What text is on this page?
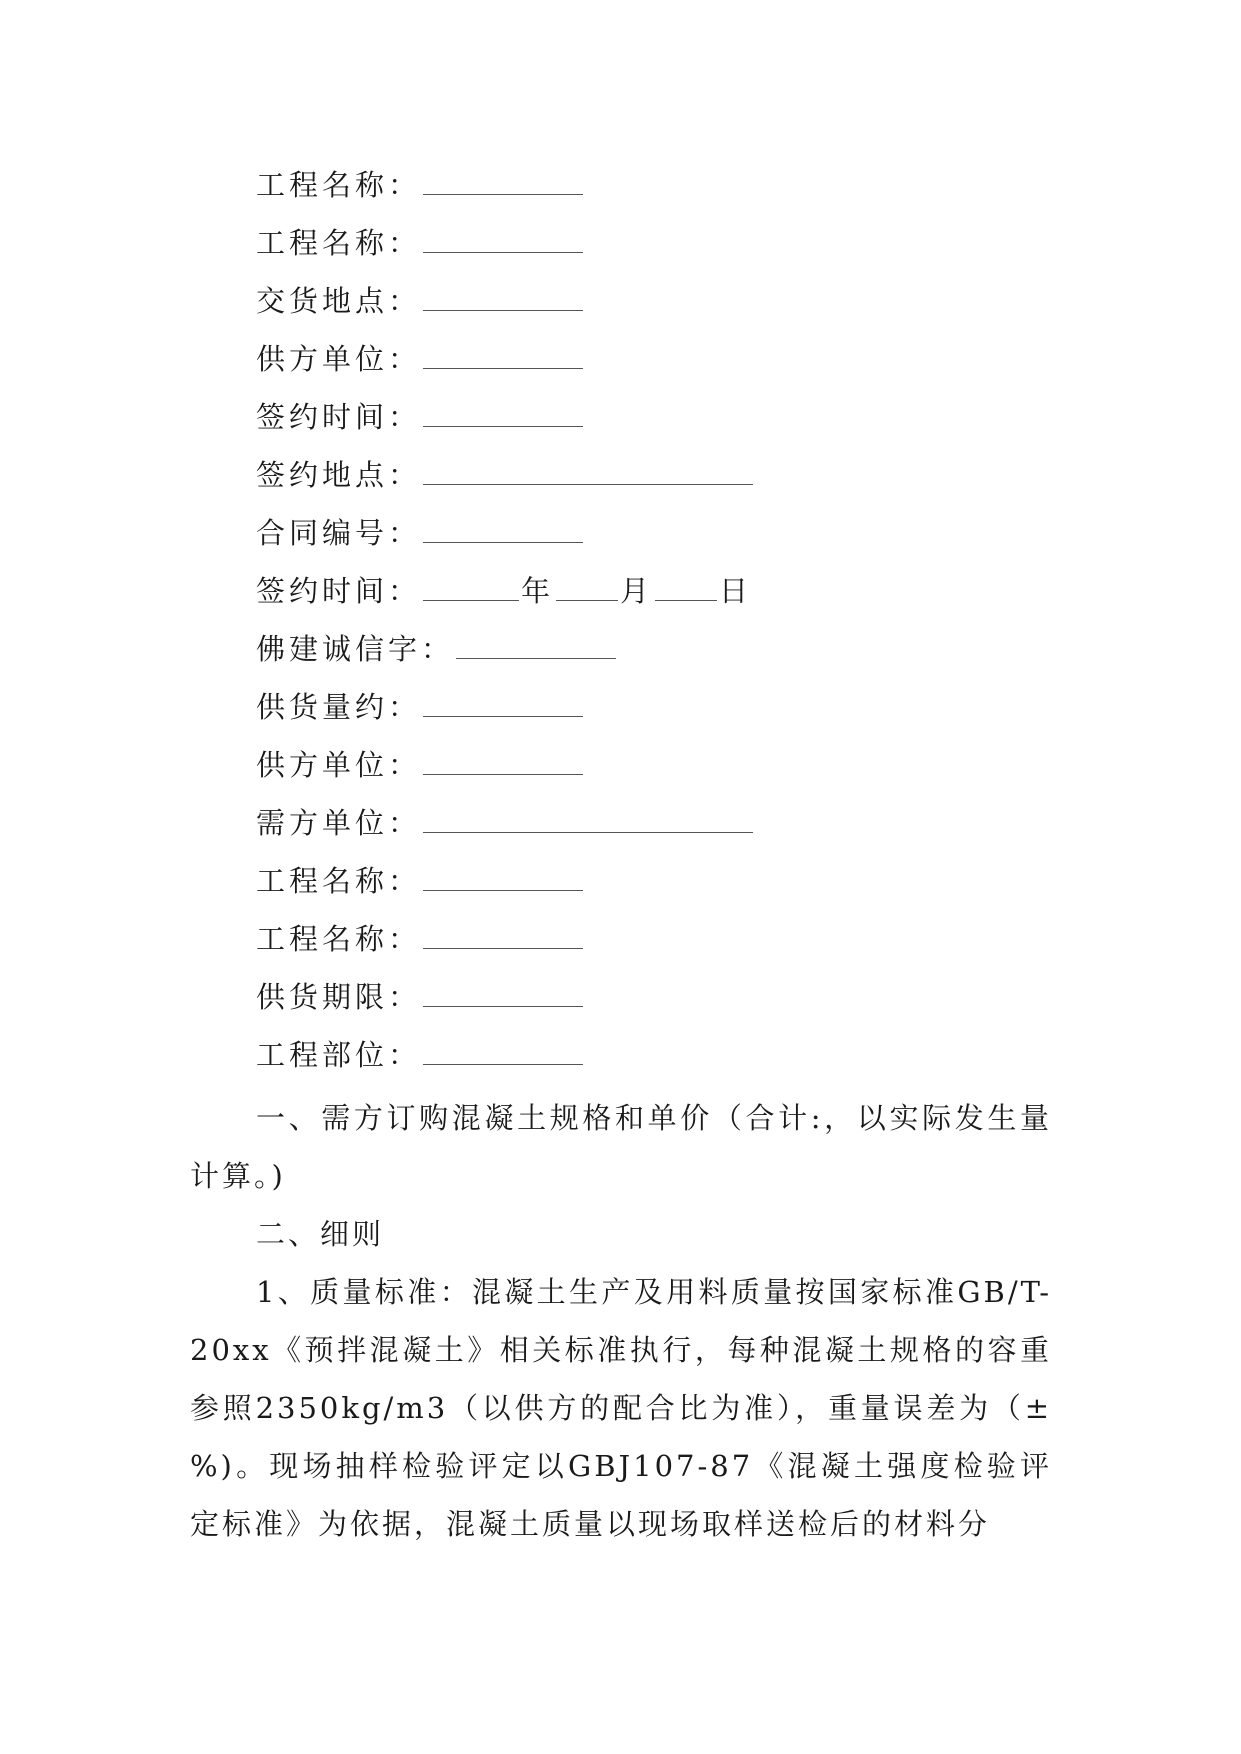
工程名称：
工程名称：
交货地点：
供方单位：
签约时间：
签约地点：
合同编号：
签约时间：	年 月 日
佛建诚信字：
供货量约：
供方单位：
需方单位：
工程名称：
工程名称：
供货期限：
工程部位：
一、需方订购混凝土规格和单价（合计:，以实际发生量计算。)
二、细则
1、质量标准：混凝土生产及用料质量按国家标准GB/T-20xx《预拌混凝土》相关标准执行，每种混凝土规格的容重参照2350kg/m3（以供方的配合比为准），重量误差为（±%)。现场抽样检验评定以GBJ107-87《混凝土强度检验评定标准》为依据，混凝土质量以现场取样送检后的材料分
